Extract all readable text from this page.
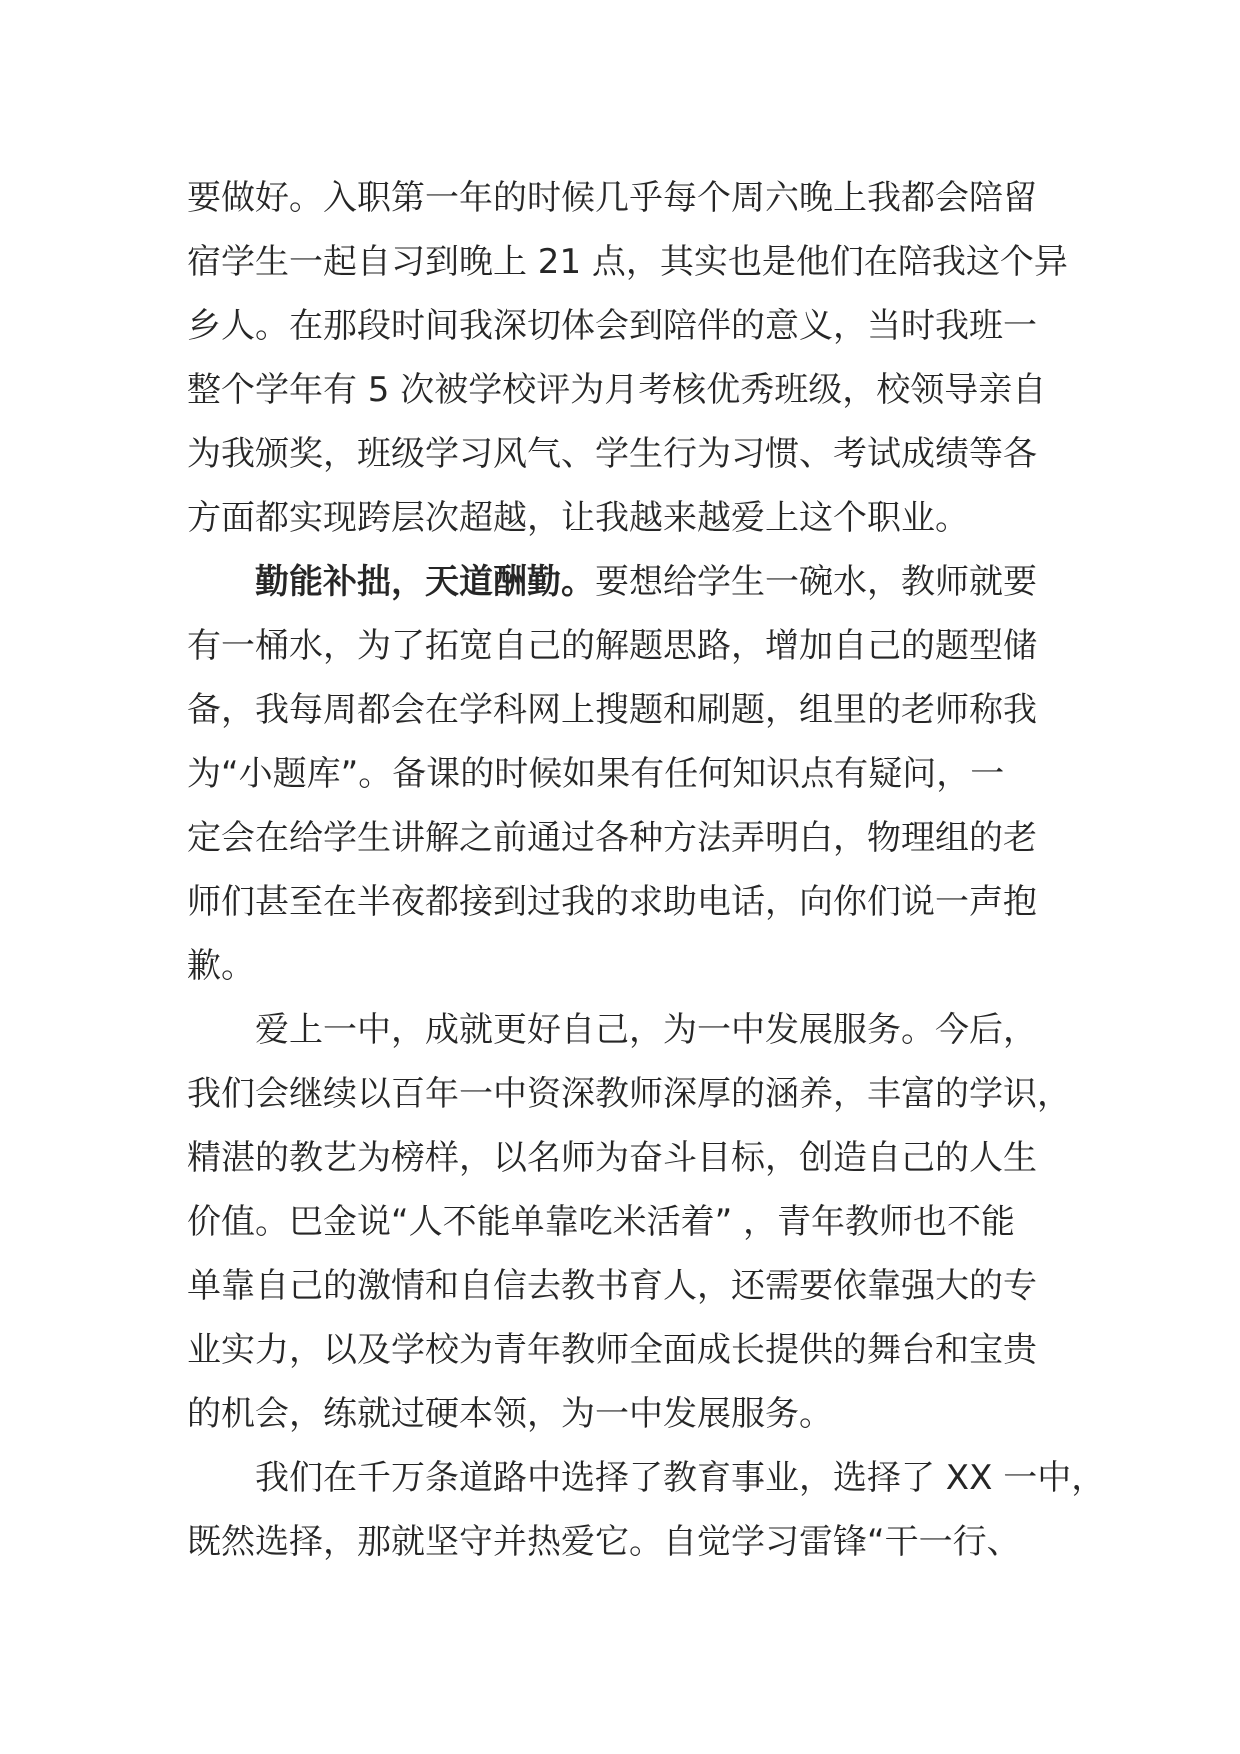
要做好。入职第一年的时候几乎每个周六晚上我都会陪留
宿学生一起自习到晚上 21 点，其实也是他们在陪我这个异
乡人。在那段时间我深切体会到陪伴的意义，当时我班一
整个学年有 5 次被学校评为月考核优秀班级，校领导亲自
为我颁奖，班级学习风气、学生行为习惯、考试成绩等各
方面都实现跨层次超越，让我越来越爱上这个职业。
勤能补拙，天道酬勤。要想给学生一碗水，教师就要
有一桶水，为了拓宽自己的解题思路，增加自己的题型储
备，我每周都会在学科网上搜题和刷题，组里的老师称我
为“小题库”。备课的时候如果有任何知识点有疑问，一
定会在给学生讲解之前通过各种方法弄明白，物理组的老
师们甚至在半夜都接到过我的求助电话，向你们说一声抱
歉。
爱上一中，成就更好自己，为一中发展服务。今后，
我们会继续以百年一中资深教师深厚的涵养，丰富的学识，
精湛的教艺为榜样，以名师为奋斗目标，创造自己的人生
价值。巴金说“人不能单靠吃米活着” ，青年教师也不能
单靠自己的激情和自信去教书育人，还需要依靠强大的专
业实力，以及学校为青年教师全面成长提供的舞台和宝贵
的机会，练就过硬本领，为一中发展服务。
我们在千万条道路中选择了教育事业，选择了 XX 一中，
既然选择，那就坚守并热爱它。自觉学习雷锋“干一行、
